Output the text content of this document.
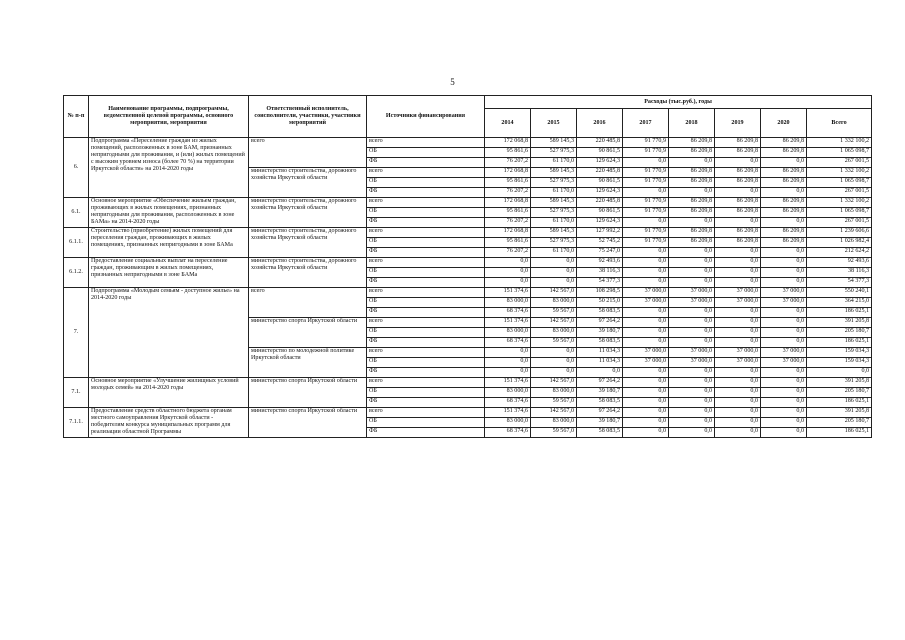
5
№ п-п	Наименование программы, подпрограммы, ведомственной целевой программы, основного мероприятия, мероприятия	Ответственный исполнитель, соисполнители, участники, участники мероприятий	Источники финансирования	Расходы (тыс.руб.), годы							
				2014	2015	2016	2017	2018	2019	2020	Всего
6.	Подпрограмма «Переселение граждан из жилых помещений, расположенных в зоне БАМ, признанных непригодными для проживания, и (или) жилых помещений с высоким уровнем износа (более 70 %) на территории Иркутской области» на 2014-2020 годы	всего	всего	172 068,8	589 145,3	220 485,8	91 770,9	86 209,8	86 209,8	86 209,8	1 332 100,2
			ОБ	95 861,6	527 975,3	90 861,5	91 770,9	86 209,8	86 209,8	86 209,8	1 065 098,7
			ФБ	76 207,2	61 170,0	129 624,3	0,0	0,0	0,0	0,0	267 001,5
		министерство строительства, дорожного хозяйства Иркутской области	всего	172 068,8	589 145,3	220 485,8	91 770,9	86 209,8	86 209,8	86 209,8	1 332 100,2
			ОБ	95 861,6	527 975,3	90 861,5	91 770,9	86 209,8	86 209,8	86 209,8	1 065 098,7
			ФБ	76 207,2	61 170,0	129 624,3	0,0	0,0	0,0	0,0	267 001,5
6.1.	Основное мероприятие «Обеспечение жильем граждан, проживающих в жилых помещениях, признанных непригодными для проживания, расположенных в зоне БАМа» на 2014-2020 годы	министерство строительства, дорожного хозяйства Иркутской области	всего	172 068,8	589 145,3	220 485,8	91 770,9	86 209,8	86 209,8	86 209,8	1 332 100,2
			ОБ	95 861,6	527 975,3	90 861,5	91 770,9	86 209,8	86 209,8	86 209,8	1 065 098,7
			ФБ	76 207,2	61 170,0	129 624,3	0,0	0,0	0,0	0,0	267 001,5
6.1.1.	Строительство (приобретение) жилых помещений для переселения граждан, проживающих в жилых помещениях, признанных непригодными в зоне БАМа	министерство строительства, дорожного хозяйства Иркутской области	всего	172 068,8	589 145,3	127 992,2	91 770,9	86 209,8	86 209,8	86 209,8	1 239 606,6
			ОБ	95 861,6	527 975,3	52 745,2	91 770,9	86 209,8	86 209,8	86 209,8	1 026 982,4
			ФБ	76 207,2	61 170,0	75 247,0	0,0	0,0	0,0	0,0	212 624,2
6.1.2.	Предоставление социальных выплат на переселение граждан, проживающим в жилых помещениях, признанных непригодными в зоне БАМа	министерство строительства, дорожного хозяйства Иркутской области	всего	0,0	0,0	92 493,6	0,0	0,0	0,0	0,0	92 493,6
			ОБ	0,0	0,0	38 116,3	0,0	0,0	0,0	0,0	38 116,3
			ФБ	0,0	0,0	54 377,3	0,0	0,0	0,0	0,0	54 377,3
7.	Подпрограмма «Молодым семьям - доступное жилье» на 2014-2020 годы	всего	всего	151 374,6	142 567,0	108 298,5	37 000,0	37 000,0	37 000,0	37 000,0	550 240,1
			ОБ	83 000,0	83 000,0	50 215,0	37 000,0	37 000,0	37 000,0	37 000,0	364 215,0
			ФБ	68 374,6	59 567,0	58 083,5	0,0	0,0	0,0	0,0	186 025,1
		министерство спорта Иркутской области	всего	151 374,6	142 567,0	97 264,2	0,0	0,0	0,0	0,0	391 205,8
			ОБ	83 000,0	83 000,0	39 180,7	0,0	0,0	0,0	0,0	205 180,7
			ФБ	68 374,6	59 567,0	58 083,5	0,0	0,0	0,0	0,0	186 025,1
		министерство по молодежной политике Иркутской области	всего	0,0	0,0	11 034,3	37 000,0	37 000,0	37 000,0	37 000,0	159 034,3
			ОБ	0,0	0,0	11 034,3	37 000,0	37 000,0	37 000,0	37 000,0	159 034,3
			ФБ	0,0	0,0	0,0	0,0	0,0	0,0	0,0	0,0
7.1.	Основное мероприятие «Улучшение жилищных условий молодых семей» на 2014-2020 годы	министерство спорта Иркутской области	всего	151 374,6	142 567,0	97 264,2	0,0	0,0	0,0	0,0	391 205,8
			ОБ	83 000,0	83 000,0	39 180,7	0,0	0,0	0,0	0,0	205 180,7
			ФБ	68 374,6	59 567,0	58 083,5	0,0	0,0	0,0	0,0	186 025,1
7.1.1.	Предоставление средств областного бюджета органам местного самоуправления Иркутской области - победителям конкурса муниципальных программ для реализации областной Программы	министерство спорта Иркутской области	всего	151 374,6	142 567,0	97 264,2	0,0	0,0	0,0	0,0	391 205,8
			ОБ	83 000,0	83 000,0	39 180,7	0,0	0,0	0,0	0,0	205 180,7
			ФБ	68 374,6	59 567,0	58 083,5	0,0	0,0	0,0	0,0	186 025,1
